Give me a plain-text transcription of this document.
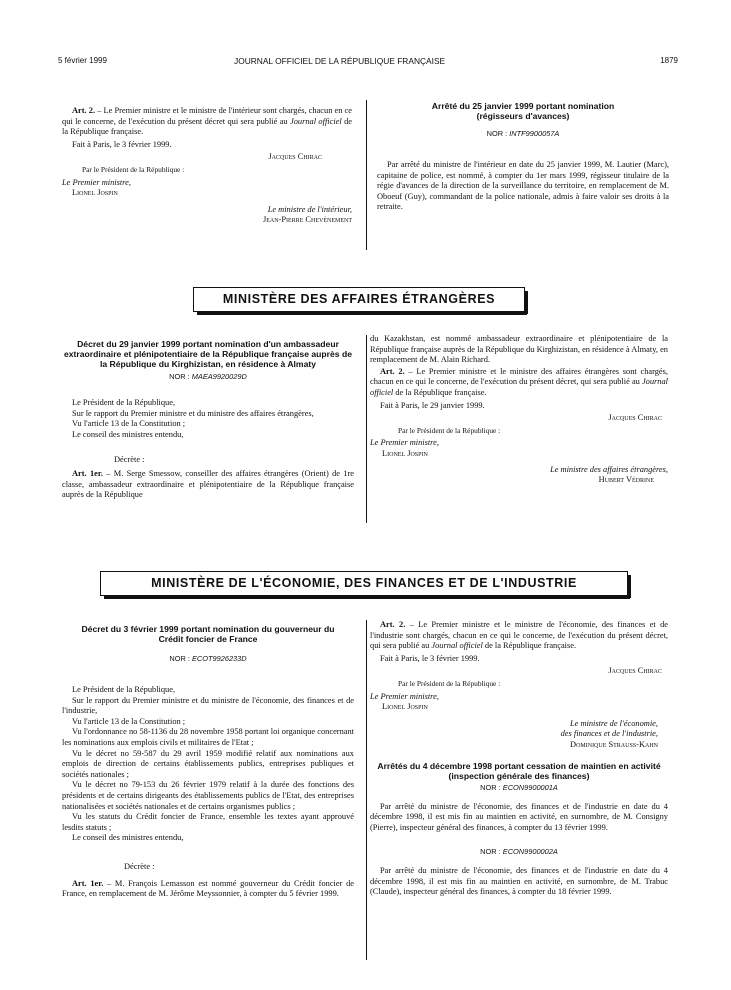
5 février 1999	JOURNAL OFFICIEL DE LA RÉPUBLIQUE FRANÇAISE	1879

Art. 2. – Le Premier ministre et le ministre de l'intérieur sont chargés, chacun en ce qui le concerne, de l'exécution du présent décret qui sera publié au Journal officiel de la République française.

Fait à Paris, le 3 février 1999.

Jacques Chirac

Par le Président de la République :

Le Premier ministre,

Lionel Jospin

Le ministre de l'intérieur,

Jean-Pierre Chevènement

Arrêté du 25 janvier 1999 portant nomination (régisseurs d'avances)

NOR : INTF9900057A

Par arrêté du ministre de l'intérieur en date du 25 janvier 1999, M. Lautier (Marc), capitaine de police, est nommé, à compter du 1er mars 1999, régisseur titulaire de la régie d'avances de la direction de la surveillance du territoire, en remplacement de M. Oboeuf (Guy), commandant de la police nationale, admis à faire valoir ses droits à la retraite.

MINISTÈRE DES AFFAIRES ÉTRANGÈRES

Décret du 29 janvier 1999 portant nomination d'un ambassadeur extraordinaire et plénipotentiaire de la République française auprès de la République du Kirghizistan, en résidence à Almaty

NOR : MAEA9920029D

Le Président de la République,

Sur le rapport du Premier ministre et du ministre des affaires étrangères,

Vu l'article 13 de la Constitution ;

Le conseil des ministres entendu,

Décrète :

Art. 1er. – M. Serge Smessow, conseiller des affaires étrangères (Orient) de 1re classe, ambassadeur extraordinaire et plénipotentiaire de la République française auprès de la République

du Kazakhstan, est nommé ambassadeur extraordinaire et plénipotentiaire de la République française auprès de la République du Kirghizistan, en résidence à Almaty, en remplacement de M. Alain Richard.

Art. 2. – Le Premier ministre et le ministre des affaires étrangères sont chargés, chacun en ce qui le concerne, de l'exécution du présent décret, qui sera publié au Journal officiel de la République française.

Fait à Paris, le 29 janvier 1999.

Jacques Chirac

Par le Président de la République :

Le Premier ministre,

Lionel Jospin

Le ministre des affaires étrangères,

Hubert Védrine

MINISTÈRE DE L'ÉCONOMIE, DES FINANCES ET DE L'INDUSTRIE

Décret du 3 février 1999 portant nomination du gouverneur du Crédit foncier de France

NOR : ECOT9926233D

Le Président de la République,

Sur le rapport du Premier ministre et du ministre de l'économie, des finances et de l'industrie,

Vu l'article 13 de la Constitution ;

Vu l'ordonnance no 58-1136 du 28 novembre 1958 portant loi organique concernant les nominations aux emplois civils et militaires de l'Etat ;

Vu le décret no 59-587 du 29 avril 1959 modifié relatif aux nominations aux emplois de direction de certains établissements publics, entreprises publiques et sociétés nationales ;

Vu le décret no 79-153 du 26 février 1979 relatif à la durée des fonctions des présidents et de certains dirigeants des établissements publics de l'Etat, des entreprises nationalisées et sociétés nationales et de certains organismes publics ;

Vu les statuts du Crédit foncier de France, ensemble les textes ayant approuvé lesdits statuts ;

Le conseil des ministres entendu,

Décrète :

Art. 1er. – M. François Lemasson est nommé gouverneur du Crédit foncier de France, en remplacement de M. Jérôme Meyssonnier, à compter du 5 février 1999.

Art. 2. – Le Premier ministre et le ministre de l'économie, des finances et de l'industrie sont chargés, chacun en ce qui le concerne, de l'exécution du présent décret, qui sera publié au Journal officiel de la République française.

Fait à Paris, le 3 février 1999.

Jacques Chirac

Par le Président de la République :

Le Premier ministre,

Lionel Jospin

Le ministre de l'économie,

des finances et de l'industrie,

Dominique Strauss-Kahn

Arrêtés du 4 décembre 1998 portant cessation de maintien en activité (inspection générale des finances)

NOR : ECON9900001A

Par arrêté du ministre de l'économie, des finances et de l'industrie en date du 4 décembre 1998, il est mis fin au maintien en activité, en surnombre, de M. Consigny (Pierre), inspecteur général des finances, à compter du 13 février 1999.

NOR : ECON9900002A

Par arrêté du ministre de l'économie, des finances et de l'industrie en date du 4 décembre 1998, il est mis fin au maintien en activité, en surnombre, de M. Trabuc (Claude), inspecteur général des finances, à compter du 18 février 1999.
